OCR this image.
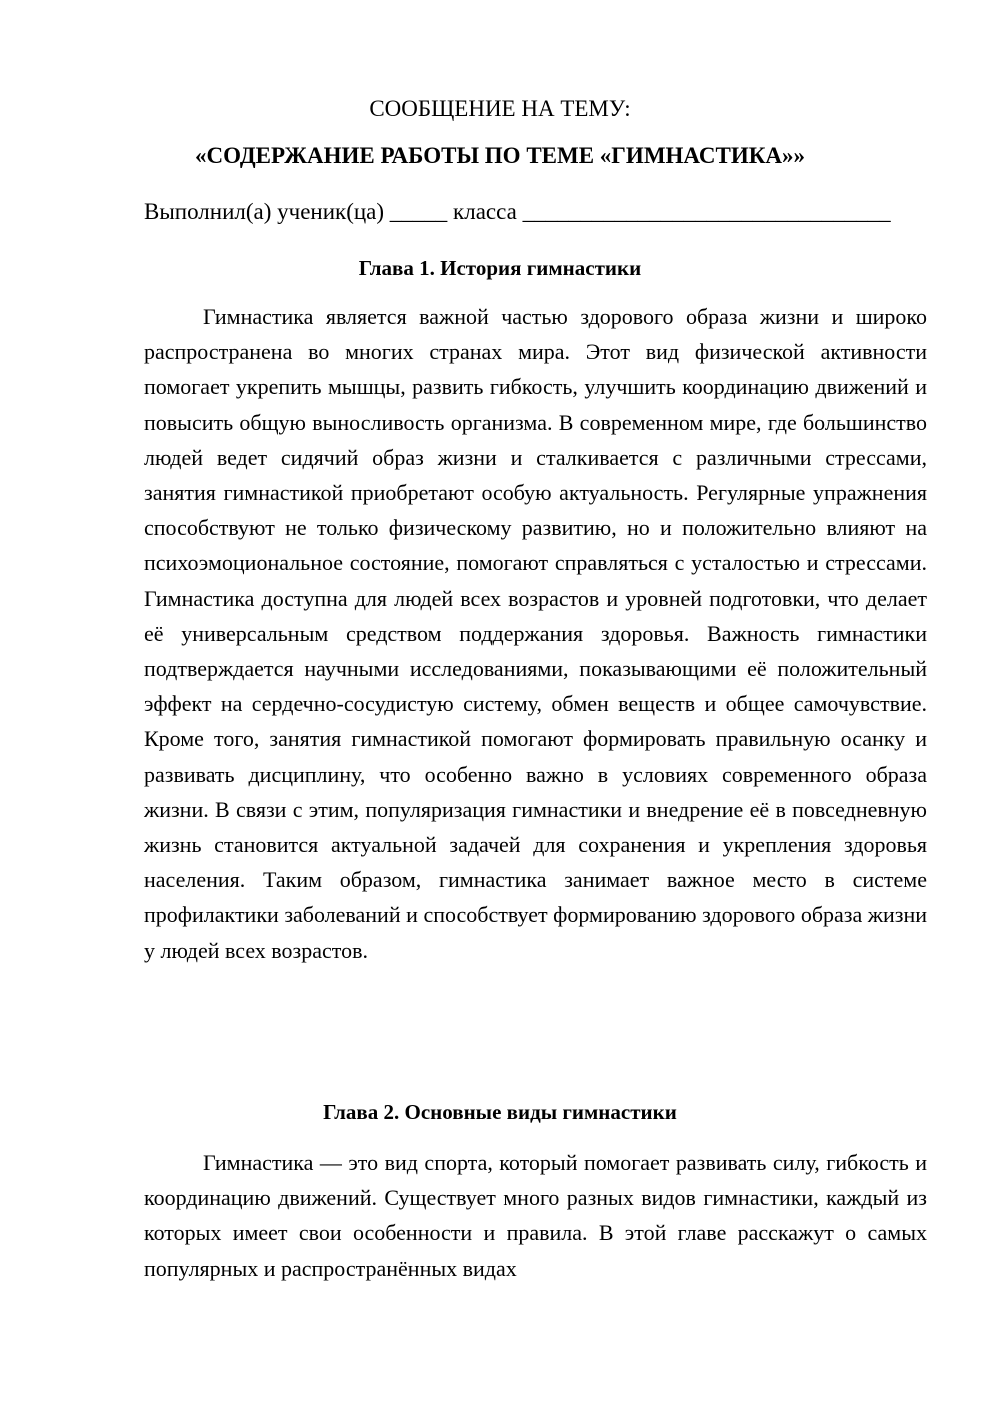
СООБЩЕНИЕ НА ТЕМУ:

«СОДЕРЖАНИЕ РАБОТЫ ПО ТЕМЕ «ГИМНАСТИКА»»

Выполнил(а) ученик(ца) _____ класса ________________________________
Глава 1. История гимнастики

Гимнастика является важной частью здорового образа жизни и широко распространена во многих странах мира. Этот вид физической активности помогает укрепить мышцы, развить гибкость, улучшить координацию движений и повысить общую выносливость организма. В современном мире, где большинство людей ведет сидячий образ жизни и сталкивается с различными стрессами, занятия гимнастикой приобретают особую актуальность. Регулярные упражнения способствуют не только физическому развитию, но и положительно влияют на психоэмоциональное состояние, помогают справляться с усталостью и стрессами. Гимнастика доступна для людей всех возрастов и уровней подготовки, что делает её универсальным средством поддержания здоровья. Важность гимнастики подтверждается научными исследованиями, показывающими её положительный эффект на сердечно-сосудистую систему, обмен веществ и общее самочувствие. Кроме того, занятия гимнастикой помогают формировать правильную осанку и развивать дисциплину, что особенно важно в условиях современного образа жизни. В связи с этим, популяризация гимнастики и внедрение её в повседневную жизнь становится актуальной задачей для сохранения и укрепления здоровья населения. Таким образом, гимнастика занимает важное место в системе профилактики заболеваний и способствует формированию здорового образа жизни у людей всех возрастов.

Глава 2. Основные виды гимнастики

Гимнастика — это вид спорта, который помогает развивать силу, гибкость и координацию движений. Существует много разных видов гимнастики, каждый из которых имеет свои особенности и правила. В этой главе расскажут о самых популярных и распространённых видах
